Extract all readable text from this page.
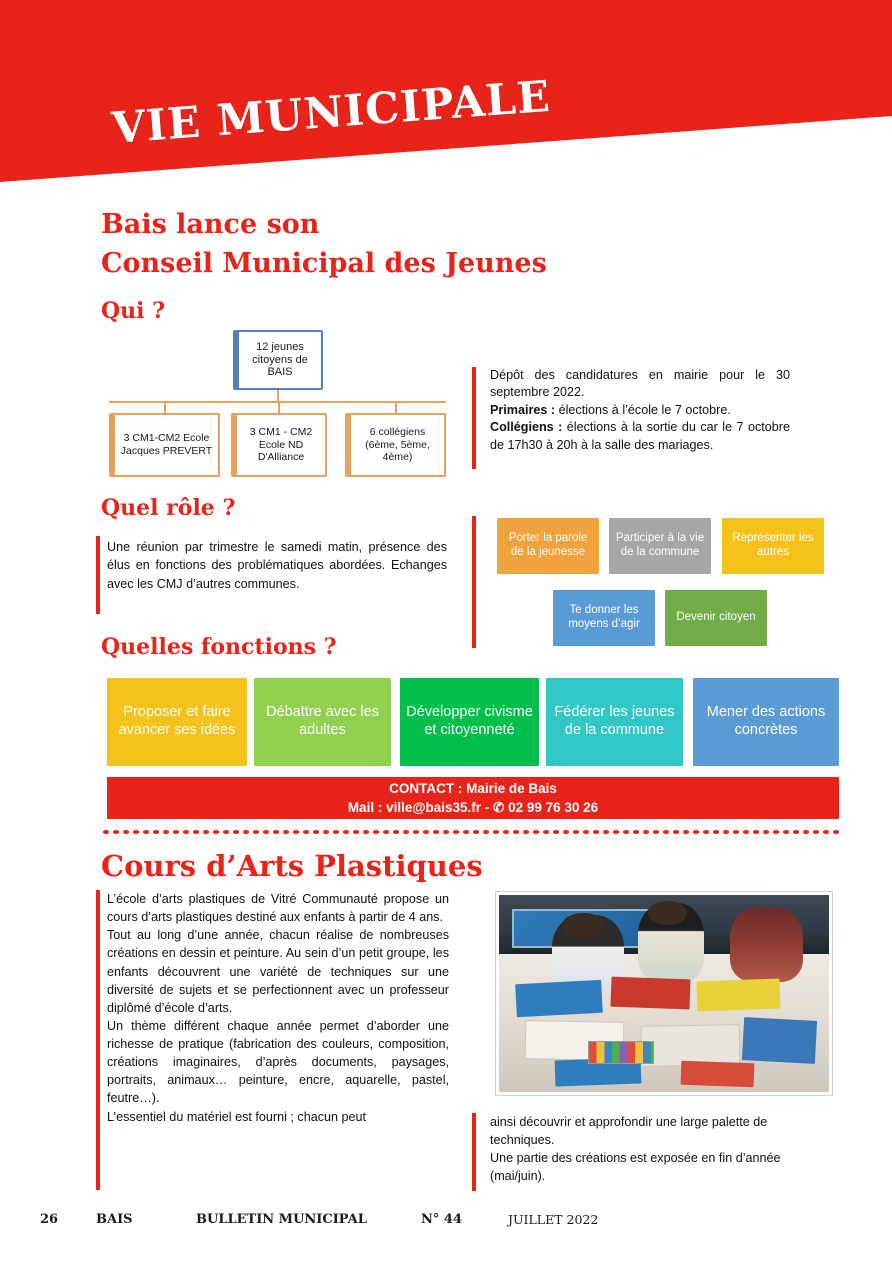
VIE MUNICIPALE
Bais lance son
Conseil Municipal des Jeunes
Qui ?
12 jeunes citoyens de BAIS
3 CM1-CM2 Ecole Jacques PREVERT
3 CM1 - CM2 Ecole ND D'Alliance
6 collégiens (6ème, 5ème, 4ème)
Dépôt des candidatures en mairie pour le 30 septembre 2022.
Primaires : élections à l’école le 7 octobre.
Collégiens : élections à la sortie du car le 7 octobre de 17h30 à 20h à la salle des mariages.
Quel rôle ?
Une réunion par trimestre le samedi matin, présence des élus en fonctions des problématiques abordées. Echanges avec les CMJ d’autres communes.
Porter la parole de la jeunesse
Participer à la vie de la commune
Représenter les autres
Te donner les moyens d’agir
Devenir citoyen
Quelles fonctions ?
Proposer et faire avancer ses idées
Débattre avec les adultes
Développer civisme et citoyenneté
Fédérer les jeunes de la commune
Mener des actions concrètes
CONTACT : Mairie de Bais
Mail : ville@bais35.fr - ✆ 02 99 76 30 26
Cours d’Arts Plastiques

L’école d’arts plastiques de Vitré Communauté propose un cours d’arts plastiques destiné aux enfants à partir de 4 ans.

Tout au long d’une année, chacun réalise de nombreuses créations en dessin et peinture. Au sein d’un petit groupe, les enfants découvrent une variété de techniques sur une diversité de sujets et se perfectionnent avec un professeur diplômé d’école d’arts.

Un thème différent chaque année permet d’aborder une richesse de pratique (fabrication des couleurs, composition, créations imaginaires, d’après documents, paysages, portraits, animaux… peinture, encre, aquarelle, pastel, feutre…).

L’essentiel du matériel est fourni ; chacun peut	ainsi découvrir et approfondir une large palette de techniques.

Une partie des créations est exposée en fin d’année (mai/juin).

26	BAIS	BULLETIN MUNICIPAL	N° 44	JUILLET 2022
